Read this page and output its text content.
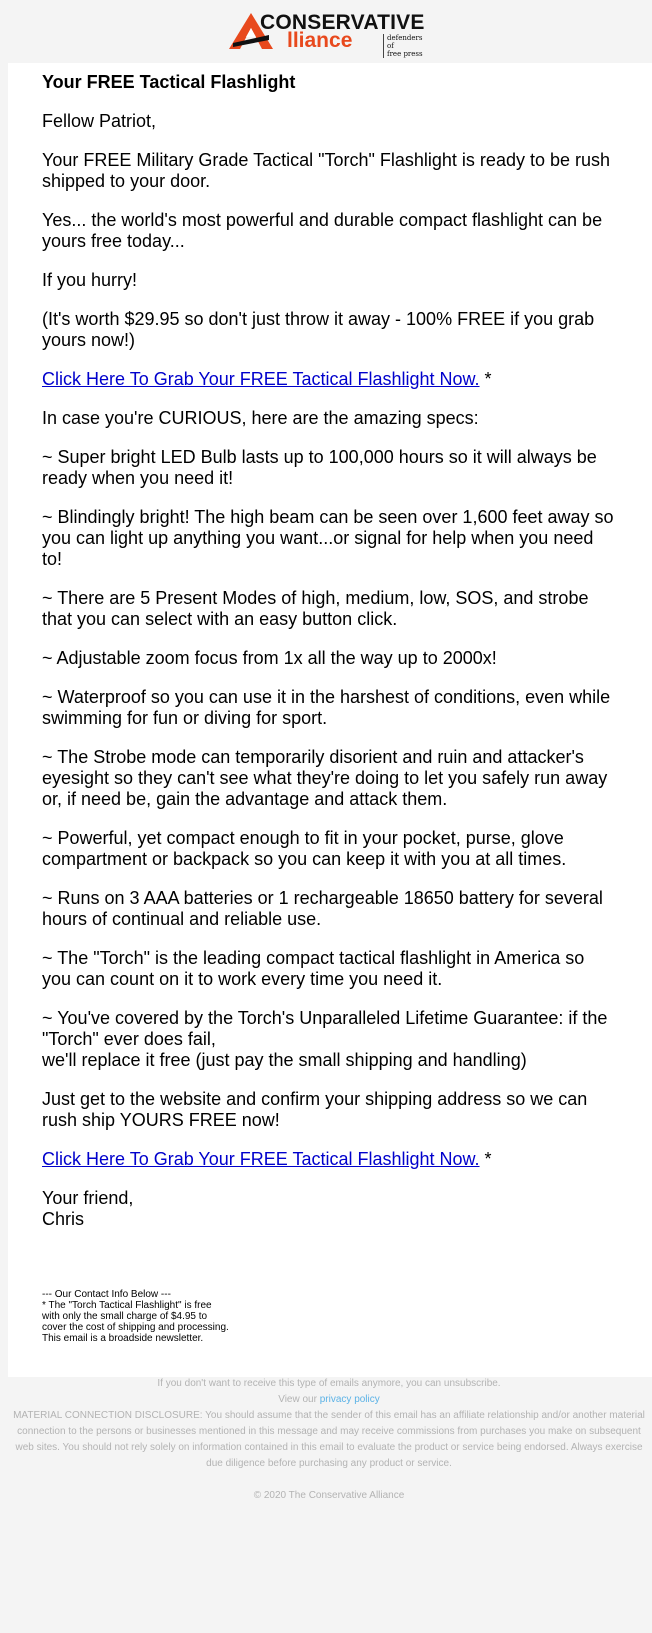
CONSERVATIVE
lliance	defenders of
free press
Your FREE Tactical Flashlight

Fellow Patriot,

Your FREE Military Grade Tactical "Torch" Flashlight is ready to be rush shipped to your door.

Yes... the world's most powerful and durable compact flashlight can be yours free today...

If you hurry!

(It's worth $29.95 so don't just throw it away - 100% FREE if you grab yours now!)

Click Here To Grab Your FREE Tactical Flashlight Now. *

In case you're CURIOUS, here are the amazing specs:

~ Super bright LED Bulb lasts up to 100,000 hours so it will always be ready when you need it!

~ Blindingly bright! The high beam can be seen over 1,600 feet away so you can light up anything you want...or signal for help when you need to!

~ There are 5 Present Modes of high, medium, low, SOS, and strobe that you can select with an easy button click.

~ Adjustable zoom focus from 1x all the way up to 2000x!

~ Waterproof so you can use it in the harshest of conditions, even while swimming for fun or diving for sport.

~ The Strobe mode can temporarily disorient and ruin and attacker's eyesight so they can't see what they're doing to let you safely run away or, if need be, gain the advantage and attack them.

~ Powerful, yet compact enough to fit in your pocket, purse, glove compartment or backpack so you can keep it with you at all times.

~ Runs on 3 AAA batteries or 1 rechargeable 18650 battery for several hours of continual and reliable use.

~ The "Torch" is the leading compact tactical flashlight in America so you can count on it to work every time you need it.

~ You've covered by the Torch's Unparalleled Lifetime Guarantee: if the "Torch" ever does fail,
we'll replace it free (just pay the small shipping and handling)

Just get to the website and confirm your shipping address so we can rush ship YOURS FREE now!

Click Here To Grab Your FREE Tactical Flashlight Now. *

Your friend,
Chris

--- Our Contact Info Below ---
* The "Torch Tactical Flashlight" is free
with only the small charge of $4.95 to
cover the cost of shipping and processing.
This email is a broadside newsletter.
If you don't want to receive this type of emails anymore, you can unsubscribe.
View our privacy policy
MATERIAL CONNECTION DISCLOSURE: You should assume that the sender of this email has an affiliate relationship and/or another material connection to the persons or businesses mentioned in this message and may receive commissions from purchases you make on subsequent web sites. You should not rely solely on information contained in this email to evaluate the product or service being endorsed. Always exercise due diligence before purchasing any product or service.
© 2020 The Conservative Alliance
